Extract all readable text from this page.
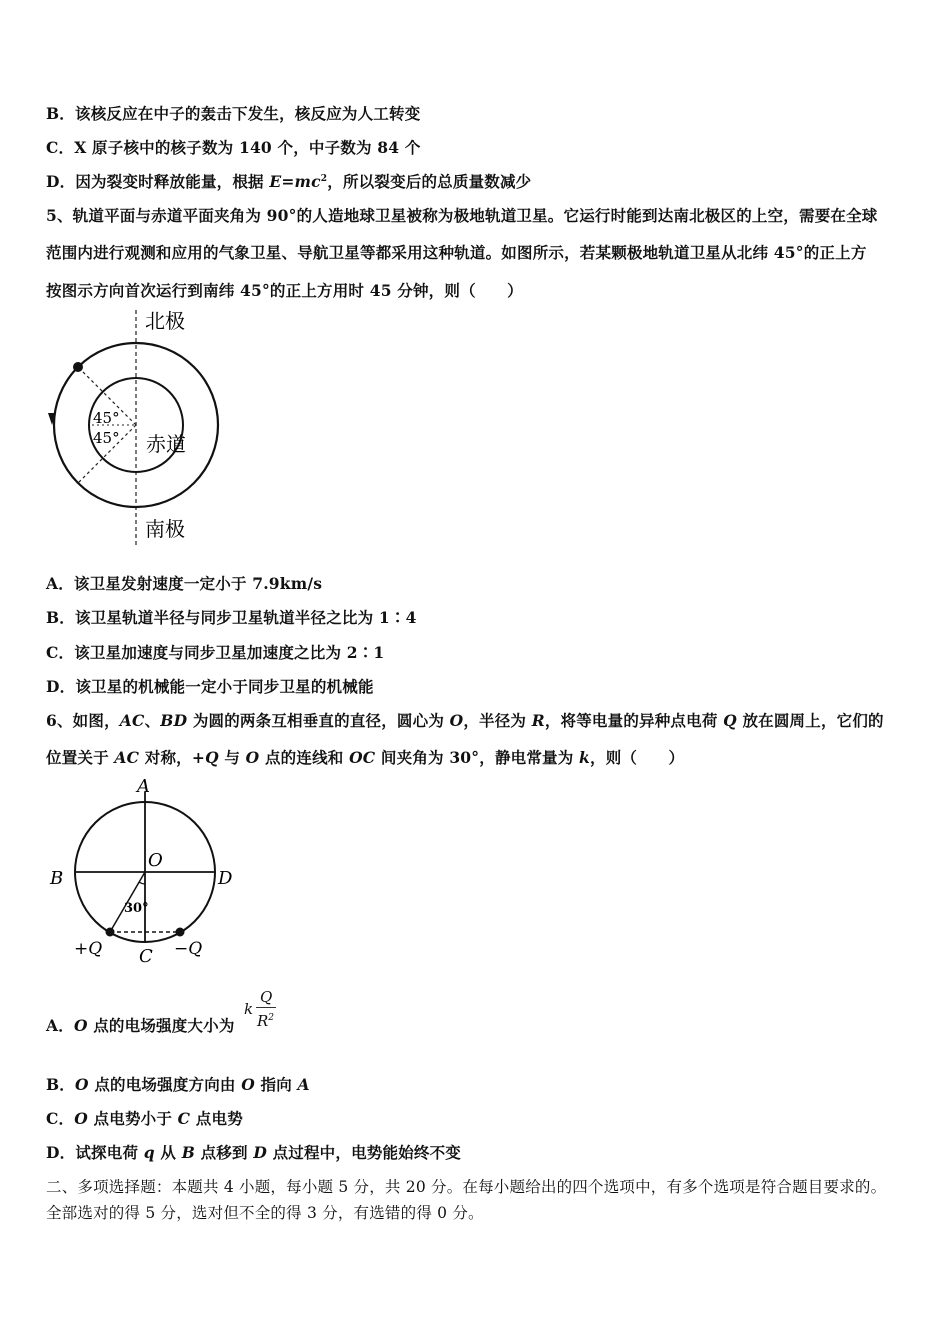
B．该核反应在中子的轰击下发生，核反应为人工转变
C．X 原子核中的核子数为 140 个，中子数为 84 个
D．因为裂变时释放能量，根据 $E=mc^2$，所以裂变后的总质量数减少
5、轨道平面与赤道平面夹角为 90°的人造地球卫星被称为极地轨道卫星。它运行时能到达南北极区的上空，需要在全球
范围内进行观测和应用的气象卫星、导航卫星等都采用这种轨道。如图所示，若某颗极地轨道卫星从北纬 45°的正上方
按图示方向首次运行到南纬 45°的正上方用时 45 分钟，则（　　）
北极
南极
赤道
45°
45°
A．该卫星发射速度一定小于 7.9km/s
B．该卫星轨道半径与同步卫星轨道半径之比为 1∶4
C．该卫星加速度与同步卫星加速度之比为 2∶1
D．该卫星的机械能一定小于同步卫星的机械能
6、如图，AC、BD 为圆的两条互相垂直的直径，圆心为 O，半径为 R，将等电量的异种点电荷 Q 放在圆周上，它们的
位置关于 AC 对称，+Q 与 O 点的连线和 OC 间夹角为 30°，静电常量为 k，则（　　）
A
B	D
O
C
30°
+Q	−Q
A．O 点的电场强度大小为
k
Q
$R^2$
B．O 点的电场强度方向由 O 指向 A
C．O 点电势小于 C 点电势
D．试探电荷 q 从 B 点移到 D 点过程中，电势能始终不变
二、多项选择题：本题共 4 小题，每小题 5 分，共 20 分。在每小题给出的四个选项中，有多个选项是符合题目要求的。
全部选对的得 5 分，选对但不全的得 3 分，有选错的得 0 分。
